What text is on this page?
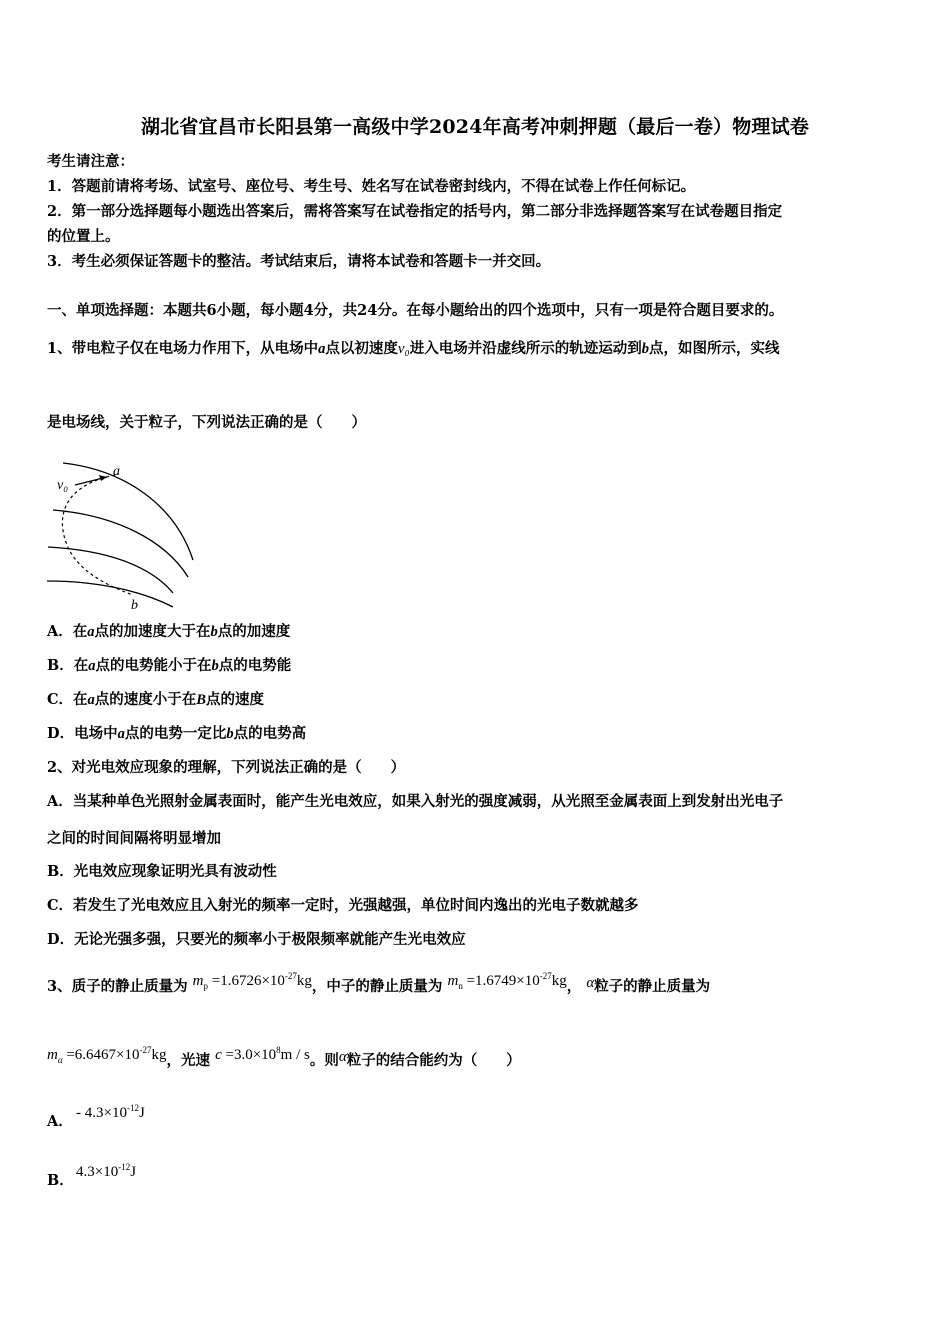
湖北省宜昌市长阳县第一高级中学2024年高考冲刺押题（最后一卷）物理试卷
考生请注意：
1．答题前请将考场、试室号、座位号、考生号、姓名写在试卷密封线内，不得在试卷上作任何标记。
2．第一部分选择题每小题选出答案后，需将答案写在试卷指定的括号内，第二部分非选择题答案写在试卷题目指定
的位置上。
3．考生必须保证答题卡的整洁。考试结束后，请将本试卷和答题卡一并交回。
一、单项选择题：本题共6小题，每小题4分，共24分。在每小题给出的四个选项中，只有一项是符合题目要求的。
1、带电粒子仅在电场力作用下，从电场中a点以初速度v₀进入电场并沿虚线所示的轨迹运动到b点，如图所示，实线
是电场线，关于粒子，下列说法正确的是（　　）
a
v₀
b
A．在a点的加速度大于在b点的加速度
B．在a点的电势能小于在b点的电势能
C．在a点的速度小于在B点的速度
D．电场中a点的电势一定比b点的电势高
2、对光电效应现象的理解，下列说法正确的是（　　）
A．当某种单色光照射金属表面时，能产生光电效应，如果入射光的强度减弱，从光照至金属表面上到发射出光电子
之间的时间间隔将明显增加
B．光电效应现象证明光具有波动性
C．若发生了光电效应且入射光的频率一定时，光强越强，单位时间内逸出的光电子数就越多
D．无论光强多强，只要光的频率小于极限频率就能产生光电效应
3、质子的静止质量为 $m_p =1.6726\times 10^{-27}kg$，中子的静止质量为 $m_n =1.6749\times 10^{-27}kg$， α粒子的静止质量为
$m_\alpha =6.6467\times 10^{-27}kg$，光速 $c =3.0\times 10^8m / s$。则α粒子的结合能约为（　　）
A． - $4.3\times 10^{-12}J$
B． $4.3\times 10^{-12}J$
